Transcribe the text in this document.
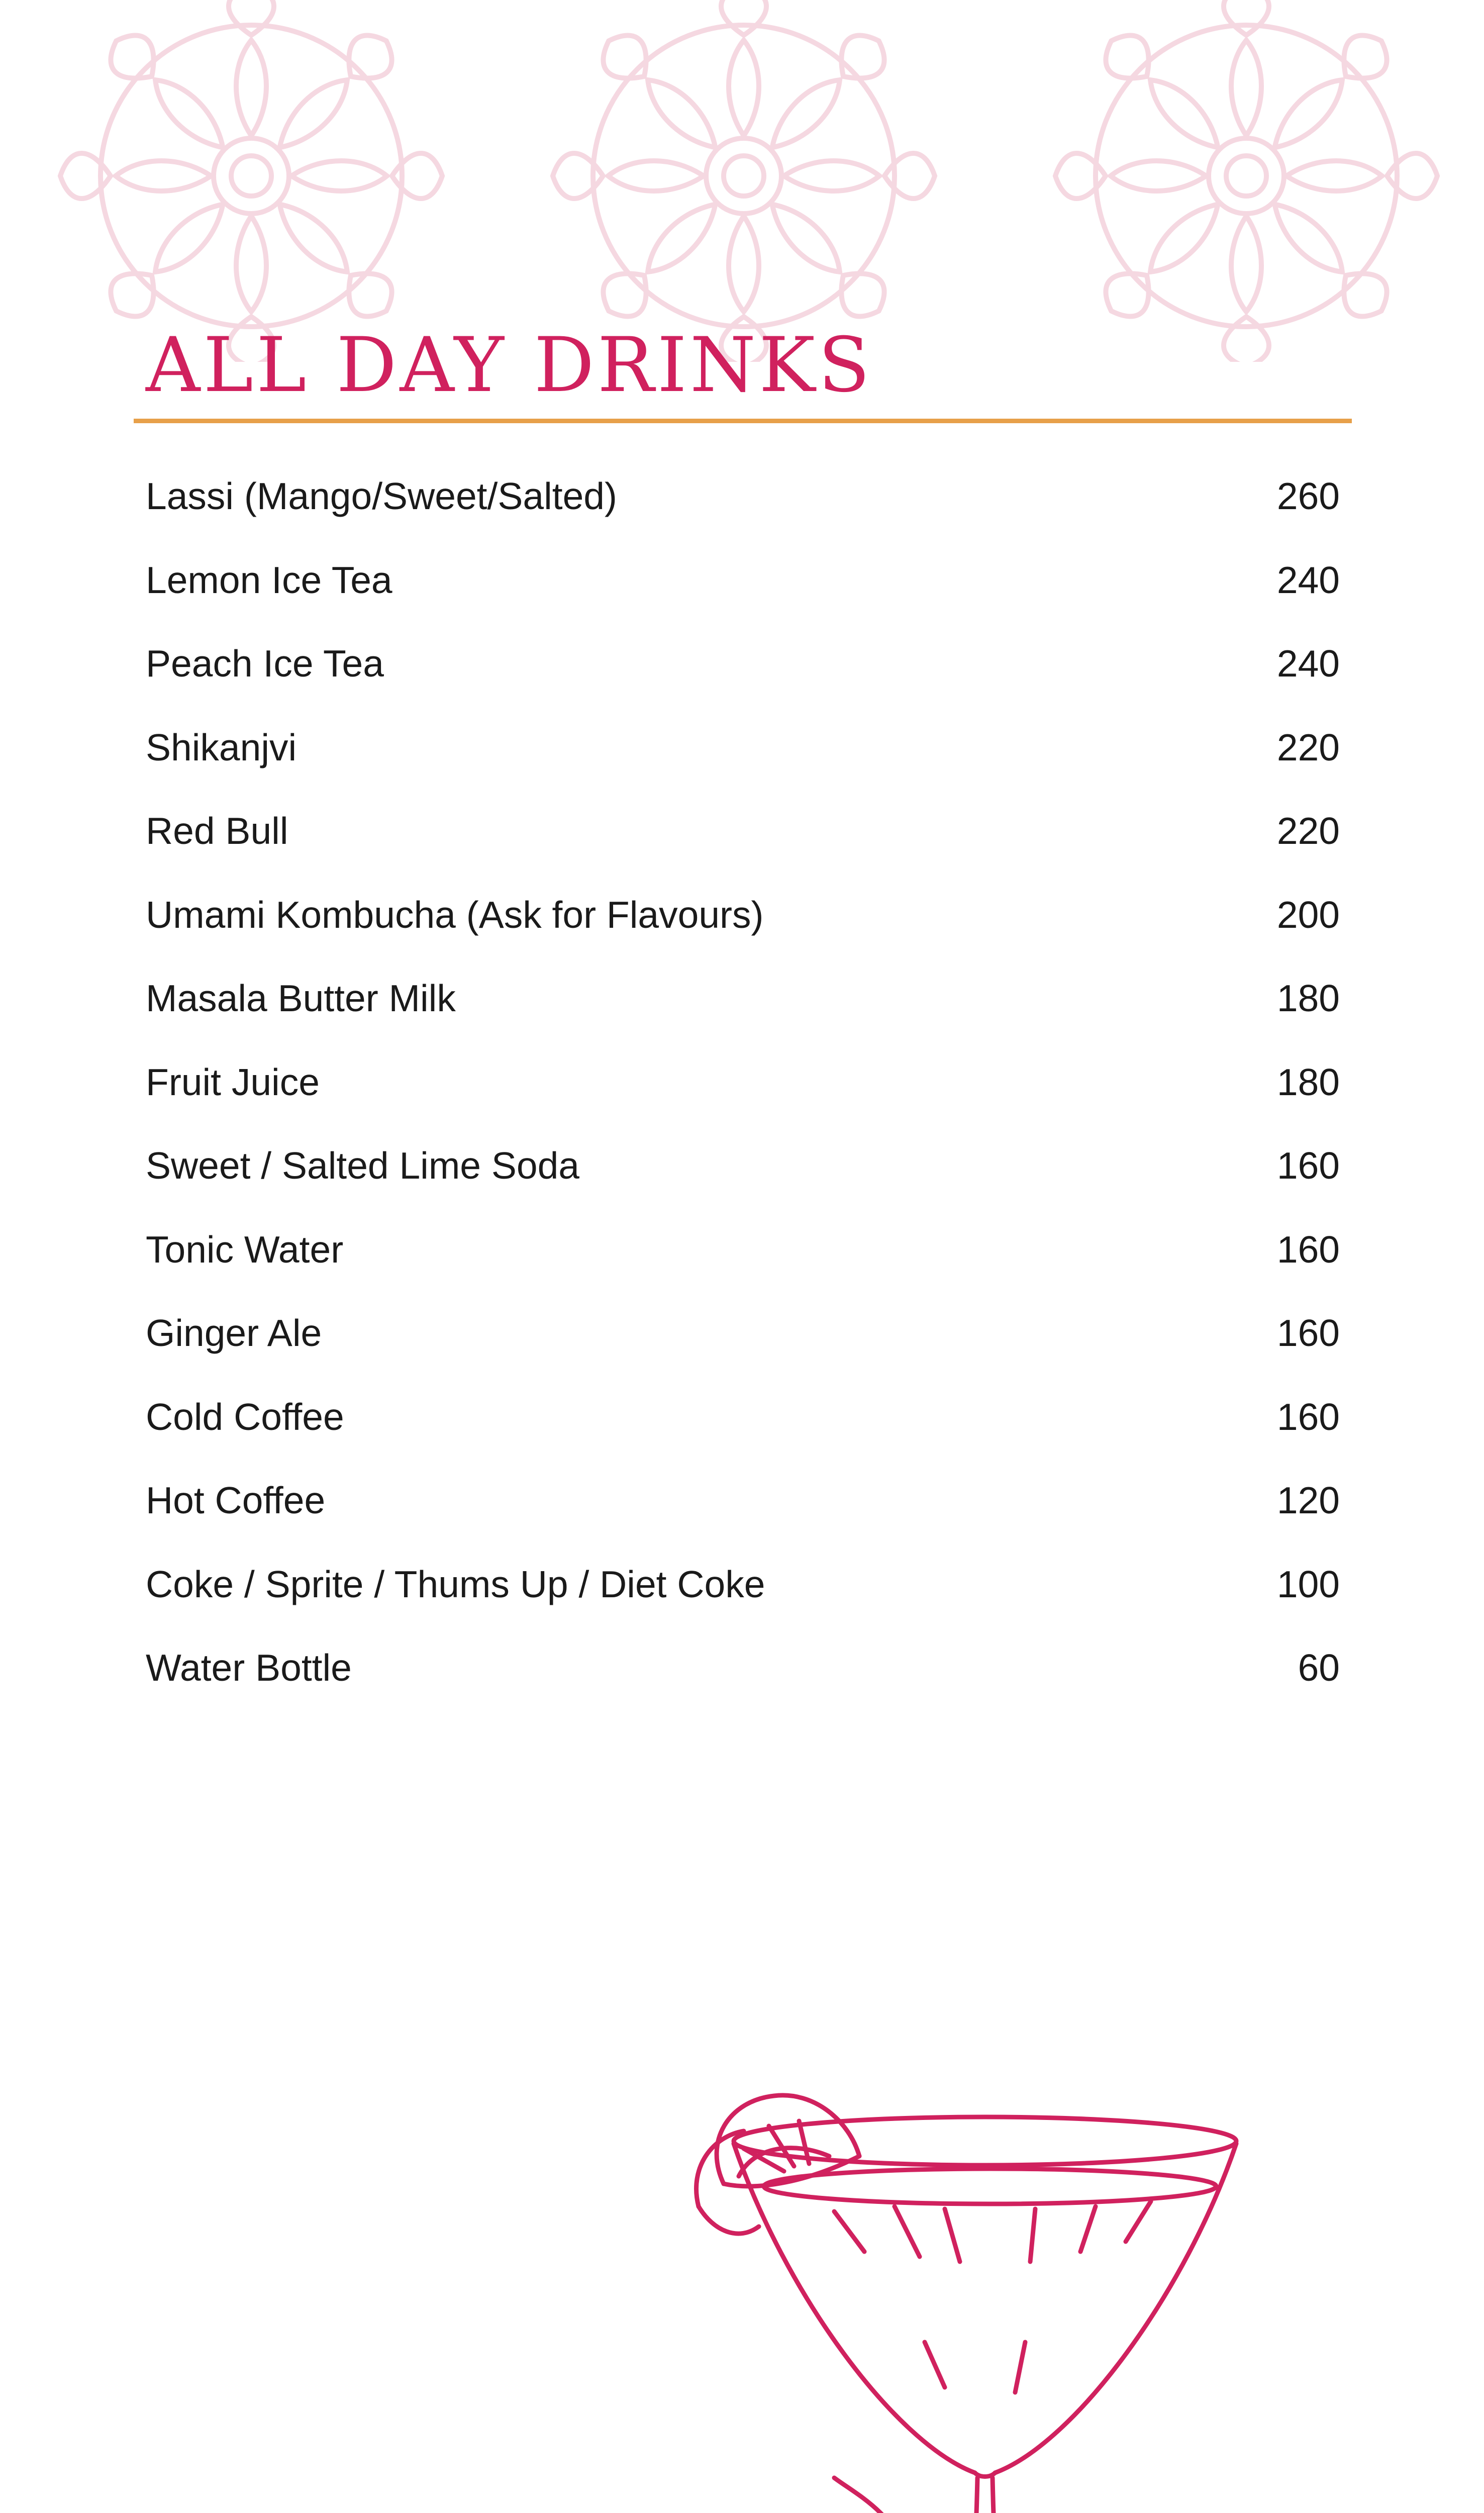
ALL DAY DRINKS
Lassi (Mango/Sweet/Salted)	260
Lemon Ice Tea	240
Peach Ice Tea	240
Shikanjvi	220
Red Bull	220
Umami Kombucha (Ask for Flavours)	200
Masala Butter Milk	180
Fruit Juice	180
Sweet / Salted Lime Soda	160
Tonic Water	160
Ginger Ale	160
Cold Coffee	160
Hot Coffee	120
Coke / Sprite / Thums Up / Diet Coke	100
Water Bottle	60
